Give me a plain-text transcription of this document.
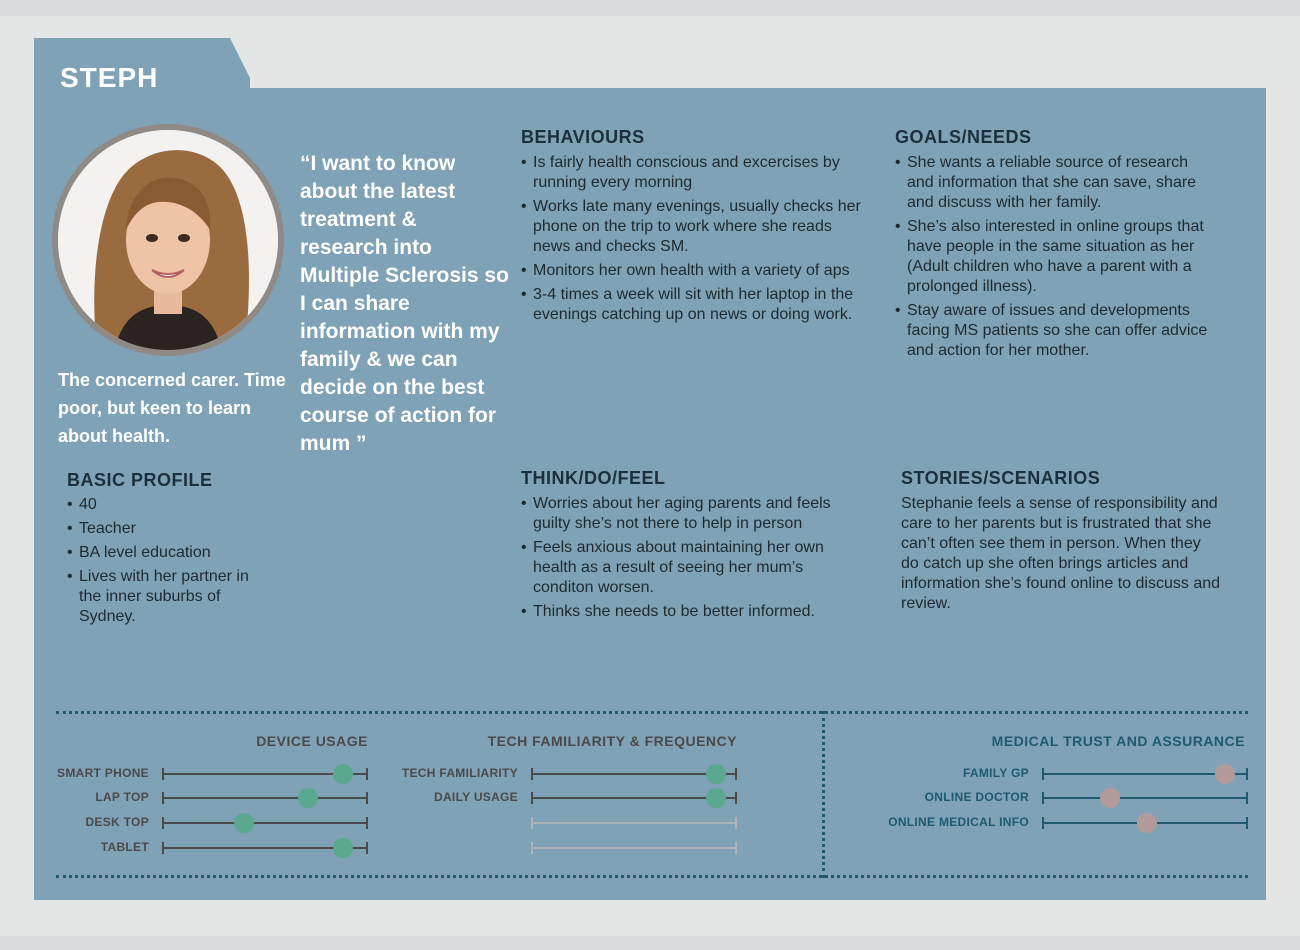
STEPH
The concerned carer. Time poor, but keen to learn about health.
“I want to know about the latest treatment & research into Multiple Sclerosis so I can share information with my family & we can decide on the best course of action for mum ”
BASIC PROFILE
• 40
• Teacher
• BA level education
• Lives with her partner in the inner suburbs of Sydney.
BEHAVIOURS
• Is fairly health conscious and excercises by running every morning
• Works late many evenings, usually checks her phone on the trip to work where she reads news and checks SM.
• Monitors her own health with a variety of aps
• 3-4 times a week will sit with her laptop in the evenings catching up on news or doing work.
GOALS/NEEDS
• She wants a reliable source of research and information that she can save, share and discuss with her family.
• She’s also interested in online groups that have people in the same situation as her (Adult children who have a parent with a prolonged illness).
• Stay aware of issues and developments facing MS patients so she can offer advice and action for her mother.
THINK/DO/FEEL
• Worries about her aging parents and feels guilty she’s not there to help in person
• Feels anxious about maintaining her own health as a result of seeing her mum’s conditon worsen.
• Thinks she needs to be better informed.
STORIES/SCENARIOS
Stephanie feels a sense of responsibility and care to her parents but is frustrated that she can’t often see them in person. When they do catch up she often brings articles and information she’s found online to discuss and review.
DEVICE USAGE	TECH FAMILIARITY & FREQUENCY	MEDICAL TRUST AND ASSURANCE
SMART PHONE
LAP TOP
DESK TOP
TABLET
TECH FAMILIARITY
DAILY USAGE
FAMILY GP
ONLINE DOCTOR
ONLINE MEDICAL INFO
